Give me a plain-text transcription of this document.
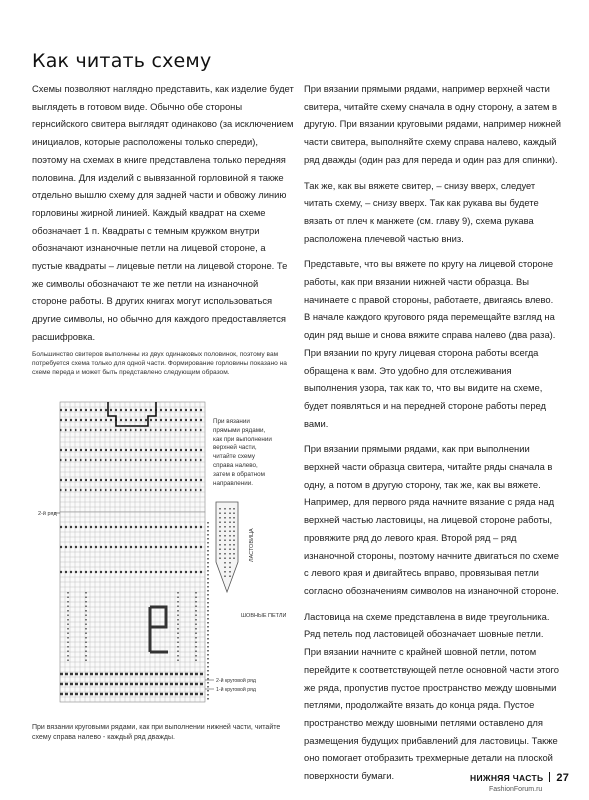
Как читать схему

Схемы позволяют наглядно представить, как изделие будет выглядеть в готовом виде. Обычно обе стороны гернсийского свитера выглядят одинаково (за исключением инициалов, которые расположены только спереди), поэтому на схемах в книге представлена только передняя половина. Для изделий с вывязанной горловиной я также отдельно вышлю схему для задней части и обвожу линию горловины жирной линией. Каждый квадрат на схеме обозначает 1 п. Квадраты с темным кружком внутри обозначают изнаночные петли на лицевой стороне, а пустые квадраты – лицевые петли на лицевой стороне. Те же символы обозначают те же петли на изнаночной стороне работы. В других книгах могут использоваться другие символы, но обычно для каждого предоставляется расшифровка.

При вязании прямыми рядами, например верхней части свитера, читайте схему сначала в одну сторону, а затем в другую. При вязании круговыми рядами, например нижней части свитера, выполняйте схему справа налево, каждый ряд дважды (один раз для переда и один раз для спинки).

Так же, как вы вяжете свитер, – снизу вверх, следует читать схему, – снизу вверх. Так как рукава вы будете вязать от плеч к манжете (см. главу 9), схема рукава расположена плечевой частью вниз.

Представьте, что вы вяжете по кругу на лицевой стороне работы, как при вязании нижней части образца. Вы начинаете с правой стороны, работаете, двигаясь влево. В начале каждого кругового ряда перемещайте взгляд на один ряд выше и снова вяжите справа налево (два раза). При вязании по кругу лицевая сторона работы всегда обращена к вам. Это удобно для отслеживания выполнения узора, так как то, что вы видите на схеме, будет появляться и на передней стороне работы перед вами.

При вязании прямыми рядами, как при выполнении верхней части образца свитера, читайте ряды сначала в одну, а потом в другую сторону, так же, как вы вяжете. Например, для первого ряда начните вязание с ряда над верхней частью ластовицы, на лицевой стороне работы, провяжите ряд до левого края. Второй ряд – ряд изнаночной стороны, поэтому начните двигаться по схеме с левого края и двигайтесь вправо, провязывая петли согласно обозначениям символов на изнаночной стороне.

Ластовица на схеме представлена в виде треугольника. Ряд петель под ластовицей обозначает шовные петли. При вязании начните с крайней шовной петли, потом перейдите к соответствующей петле основной части этого же ряда, пропустив пустое пространство между шовными петлями, продолжайте вязать до конца ряда. Пустое пространство между шовными петлями оставлено для размещения будущих прибавлений для ластовицы. Также оно помогает отобразить трехмерные детали на плоской поверхности бумаги.

Большинство свитеров выполнены из двух одинаковых половинок, поэтому вам потребуется схема только для одной части. Формирование горловины показано на схеме переда и может быть представлено следующим образом.

2-й ряд
ЛАСТОВИЦА
ШОВНЫЕ ПЕТЛИ
2-й круговой ряд
1-й круговой ряд

При вязании прямыми рядами, как при выполнении верхней части, читайте схему справа налево, затем в обратном направлении.

При вязании круговыми рядами, как при выполнении нижней части, читайте схему справа налево - каждый ряд дважды.

НИЖНЯЯ ЧАСТЬ 27
FashionForum.ru
